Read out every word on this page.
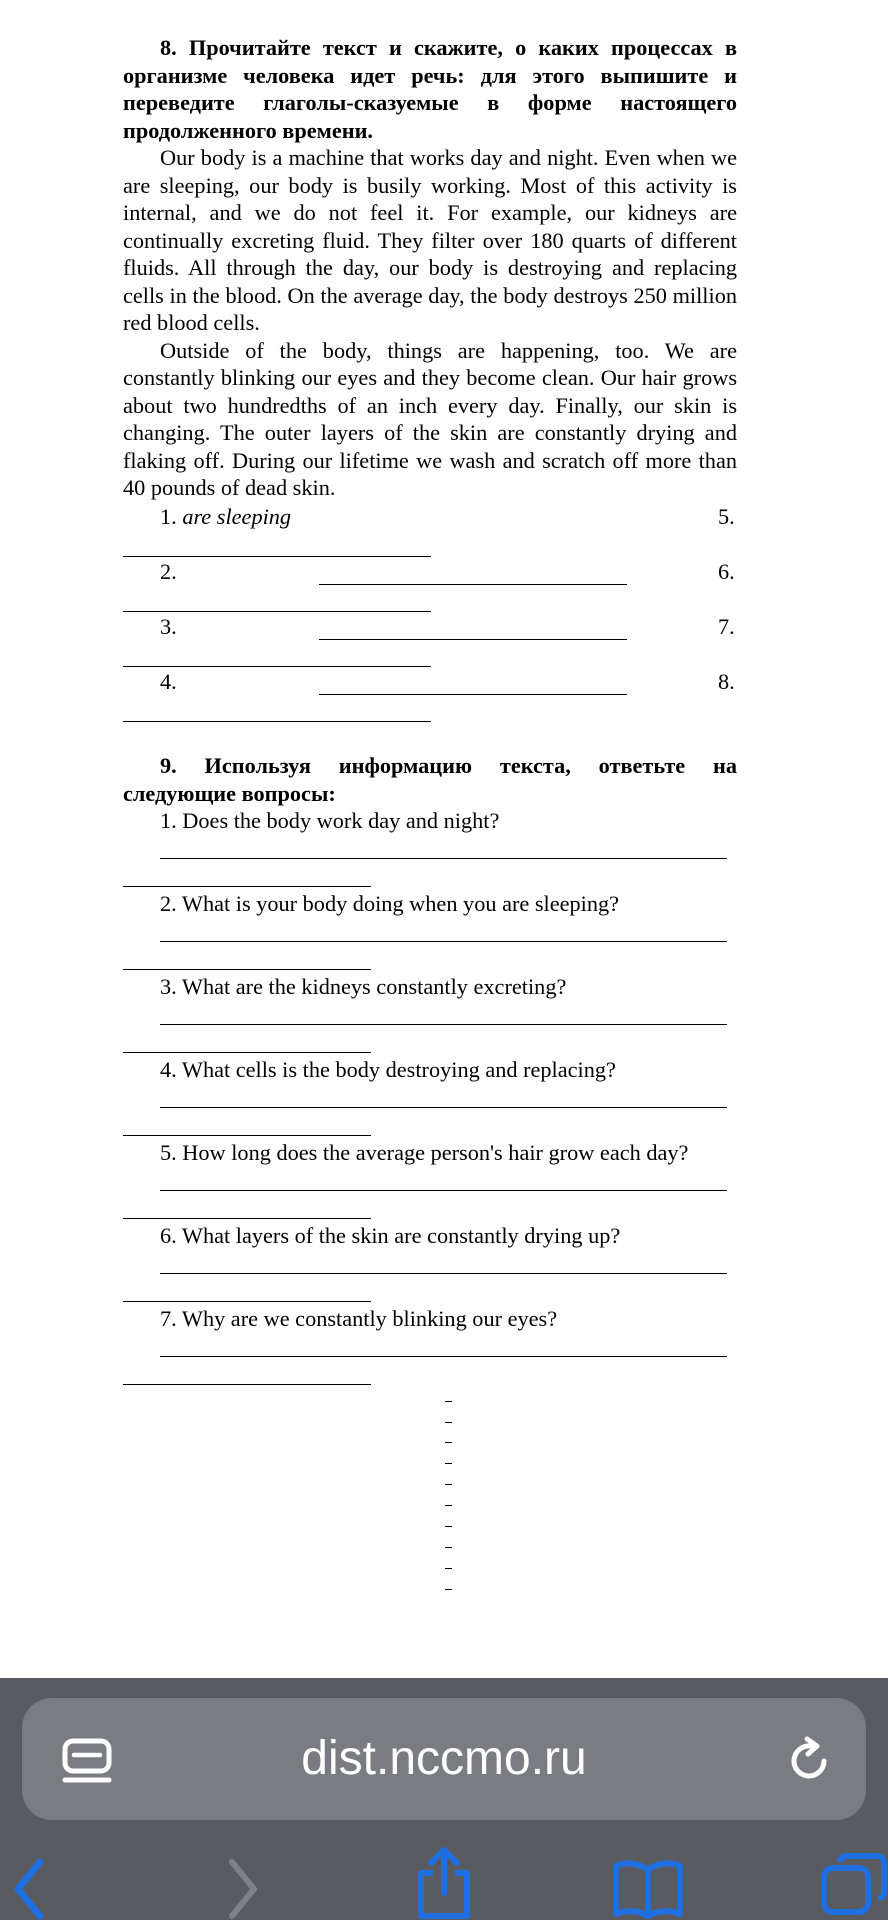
8. Прочитайте текст и скажите, о каких процессах в организме человека идет речь: для этого выпишите и переведите глаголы-сказуемые в форме настоящего продолженного времени.

Our body is a machine that works day and night. Even when we are sleeping, our body is busily working. Most of this activity is internal, and we do not feel it. For example, our kidneys are continually excreting fluid. They filter over 180 quarts of different fluids. All through the day, our body is destroying and replacing cells in the blood. On the average day, the body destroys 250 million red blood cells.

Outside of the body, things are happening, too. We are constantly blinking our eyes and they become clean. Our hair grows about two hundredths of an inch every day. Finally, our skin is changing. The outer layers of the skin are constantly drying and flaking off. During our lifetime we wash and scratch off more than 40 pounds of dead skin.

1. are sleeping	5.
2.	6.
3.	7.
4.	8.

9. Используя информацию текста, ответьте на следующие вопросы:

1. Does the body work day and night?
2. What is your body doing when you are sleeping?
3. What are the kidneys constantly excreting?
4. What cells is the body destroying and replacing?
5. How long does the average person's hair grow each day?
6. What layers of the skin are constantly drying up?
7. Why are we constantly blinking our eyes?
dist.nccmo.ru
